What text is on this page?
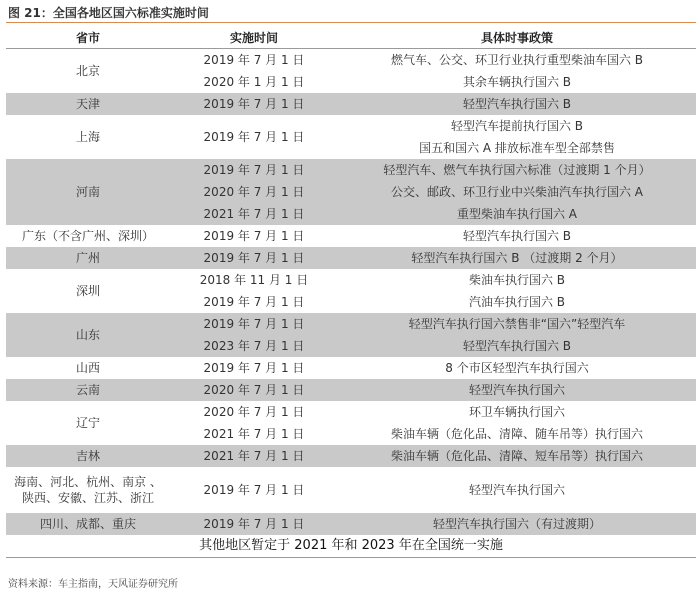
图 21：全国各地区国六标准实施时间
省市	实施时间	具体时事政策
北京	2019 年 7 月 1 日	燃气车、公交、环卫行业执行重型柴油车国六 B
	2020 年 1 月 1 日	其余车辆执行国六 B
天津	2019 年 7 月 1 日	轻型汽车执行国六 B
上海	2019 年 7 月 1 日	轻型汽车提前执行国六 B
		国五和国六 A 排放标准车型全部禁售
河南	2019 年 7 月 1 日	轻型汽车、燃气车执行国六标准（过渡期 1 个月）
	2020 年 7 月 1 日	公交、邮政、环卫行业中兴柴油汽车执行国六 A
	2021 年 7 月 1 日	重型柴油车执行国六 A
广东（不含广州、深圳）	2019 年 7 月 1 日	轻型汽车执行国六 B
广州	2019 年 7 月 1 日	轻型汽车执行国六 B （过渡期 2 个月）
深圳	2018 年 11 月 1 日	柴油车执行国六 B
	2019 年 7 月 1 日	汽油车执行国六 B
山东	2019 年 7 月 1 日	轻型汽车执行国六禁售非“国六”轻型汽车
	2023 年 7 月 1 日	轻型汽车执行国六 B
山西	2019 年 7 月 1 日	8 个市区轻型汽车执行国六
云南	2020 年 7 月 1 日	轻型汽车执行国六
辽宁	2020 年 7 月 1 日	环卫车辆执行国六
	2021 年 7 月 1 日	柴油车辆（危化品、清障、随车吊等）执行国六
吉林	2021 年 7 月 1 日	柴油车辆（危化品、清障、短车吊等）执行国六
海南、河北、杭州、南京 、陕西、安徽、江苏、浙江	2019 年 7 月 1 日	轻型汽车执行国六
四川、成都、重庆	2019 年 7 月 1 日	轻型汽车执行国六（有过渡期）
其他地区暂定于 2021 年和 2023 年在全国统一实施		
资料来源：车主指南，天风证券研究所
